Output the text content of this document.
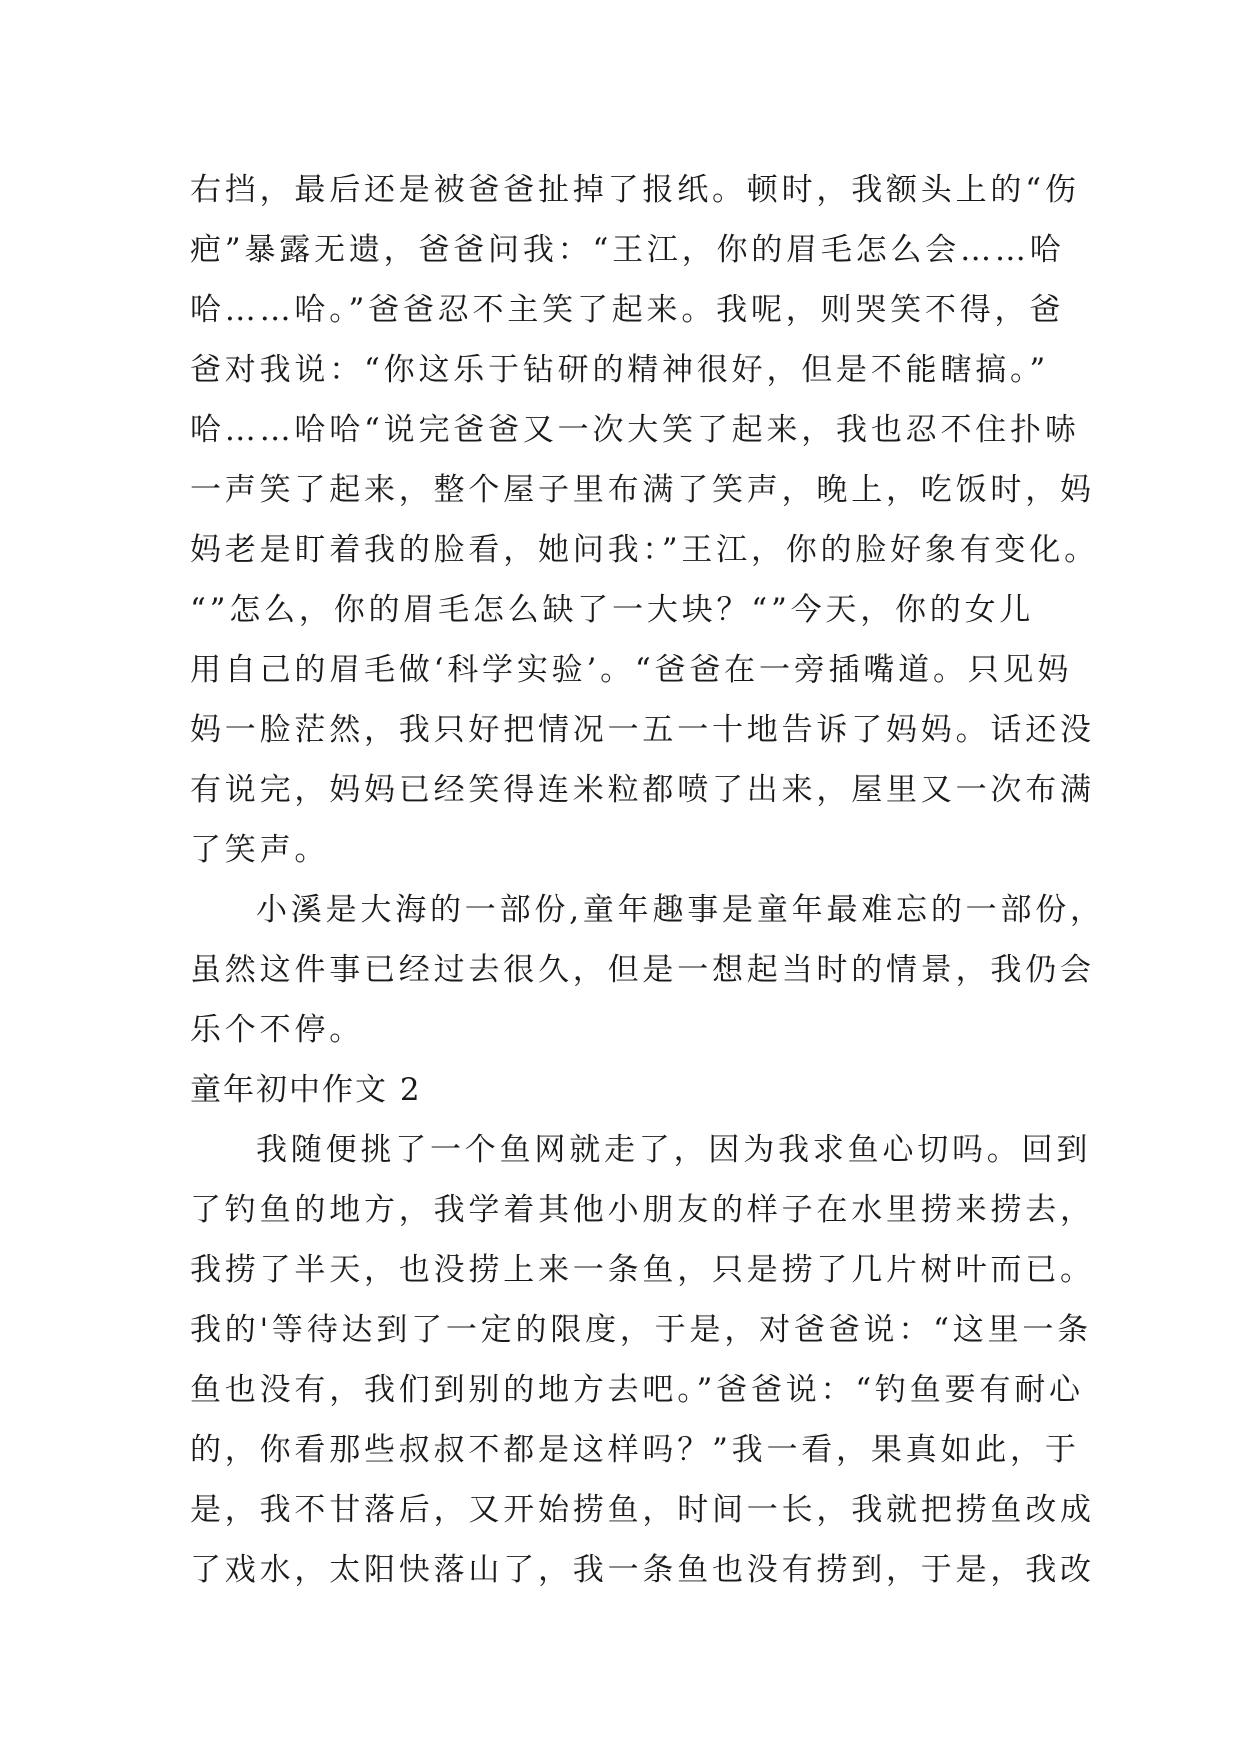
右挡，最后还是被爸爸扯掉了报纸。顿时，我额头上的“伤
疤”暴露无遗，爸爸问我：“王江，你的眉毛怎么会……哈
哈……哈。”爸爸忍不主笑了起来。我呢，则哭笑不得，爸
爸对我说：“你这乐于钻研的精神很好，但是不能瞎搞。”
哈……哈哈“说完爸爸又一次大笑了起来，我也忍不住扑哧
一声笑了起来，整个屋子里布满了笑声，晚上，吃饭时，妈
妈老是盯着我的脸看，她问我：”王江，你的脸好象有变化。
“”怎么，你的眉毛怎么缺了一大块？“”今天，你的女儿
用自己的眉毛做‘科学实验’。“爸爸在一旁插嘴道。只见妈
妈一脸茫然，我只好把情况一五一十地告诉了妈妈。话还没
有说完，妈妈已经笑得连米粒都喷了出来，屋里又一次布满
了笑声。
小溪是大海的一部份,童年趣事是童年最难忘的一部份，
虽然这件事已经过去很久，但是一想起当时的情景，我仍会
乐个不停。
童年初中作文 2
我随便挑了一个鱼网就走了，因为我求鱼心切吗。回到
了钓鱼的地方，我学着其他小朋友的样子在水里捞来捞去，
我捞了半天，也没捞上来一条鱼，只是捞了几片树叶而已。
我的'等待达到了一定的限度，于是，对爸爸说：“这里一条
鱼也没有，我们到别的地方去吧。”爸爸说：“钓鱼要有耐心
的，你看那些叔叔不都是这样吗？”我一看，果真如此，于
是，我不甘落后，又开始捞鱼，时间一长，我就把捞鱼改成
了戏水，太阳快落山了，我一条鱼也没有捞到，于是，我改
